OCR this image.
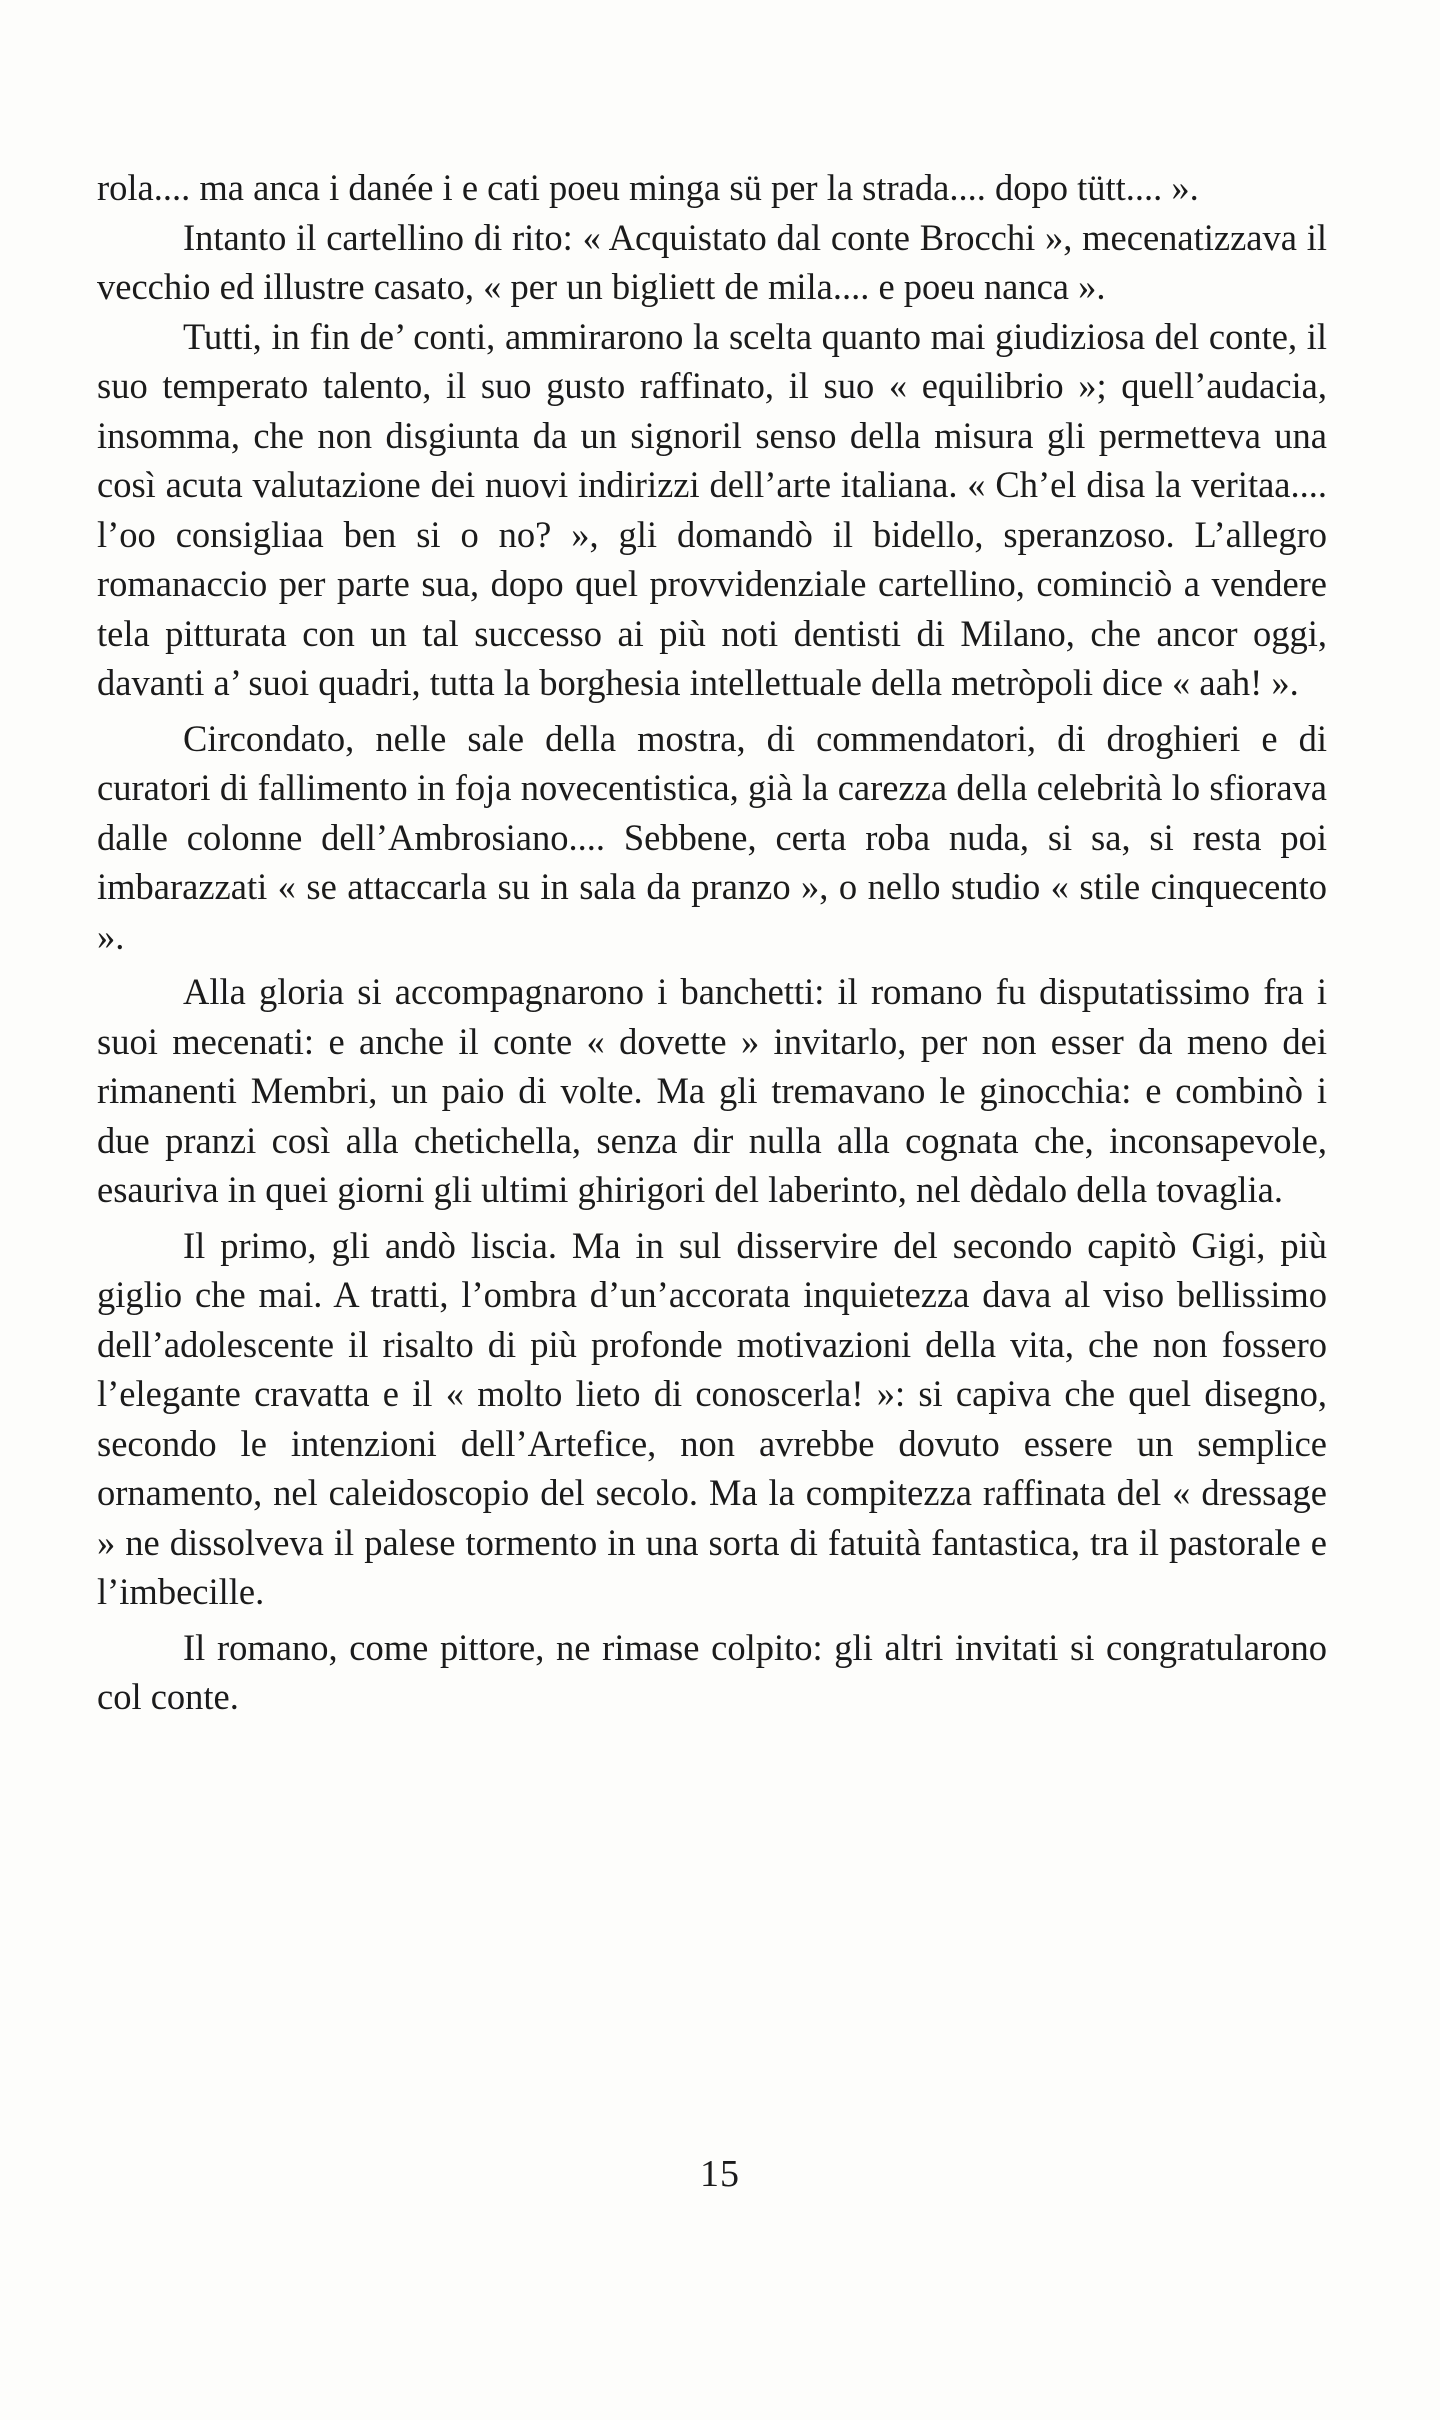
rola.... ma anca i danée i e cati poeu minga sü per la strada.... dopo tütt.... ».

Intanto il cartellino di rito: « Acquistato dal conte Brocchi », mecenatizzava il vecchio ed illustre casato, « per un bigliett de mila.... e poeu nanca ».

Tutti, in fin de’ conti, ammirarono la scelta quanto mai giudiziosa del conte, il suo temperato talento, il suo gusto raffinato, il suo « equilibrio »; quell’audacia, insomma, che non disgiunta da un signoril senso della misura gli permetteva una così acuta valutazione dei nuovi indirizzi dell’arte italiana. « Ch’el disa la veritaa.... l’oo consigliaa ben si o no? », gli domandò il bidello, speranzoso. L’allegro romanaccio per parte sua, dopo quel provvidenziale cartellino, cominciò a vendere tela pitturata con un tal successo ai più noti dentisti di Milano, che ancor oggi, davanti a’ suoi quadri, tutta la borghesia intellettuale della metròpoli dice « aah! ».

Circondato, nelle sale della mostra, di commendatori, di droghieri e di curatori di fallimento in foja novecentistica, già la carezza della celebrità lo sfiorava dalle colonne dell’Ambrosiano.... Sebbene, certa roba nuda, si sa, si resta poi imbarazzati « se attaccarla su in sala da pranzo », o nello studio « stile cinquecento ».

Alla gloria si accompagnarono i banchetti: il romano fu disputatissimo fra i suoi mecenati: e anche il conte « dovette » invitarlo, per non esser da meno dei rimanenti Membri, un paio di volte. Ma gli tremavano le ginocchia: e combinò i due pranzi così alla chetichella, senza dir nulla alla cognata che, inconsapevole, esauriva in quei giorni gli ultimi ghirigori del laberinto, nel dèdalo della tovaglia.

Il primo, gli andò liscia. Ma in sul disservire del secondo capitò Gigi, più giglio che mai. A tratti, l’ombra d’un’accorata inquietezza dava al viso bellissimo dell’adolescente il risalto di più profonde motivazioni della vita, che non fossero l’elegante cravatta e il « molto lieto di conoscerla! »: si capiva che quel disegno, secondo le intenzioni dell’Artefice, non avrebbe dovuto essere un semplice ornamento, nel caleidoscopio del secolo. Ma la compitezza raffinata del « dressage » ne dissolveva il palese tormento in una sorta di fatuità fantastica, tra il pastorale e l’imbecille.

Il romano, come pittore, ne rimase colpito: gli altri invitati si congratularono col conte.

15
